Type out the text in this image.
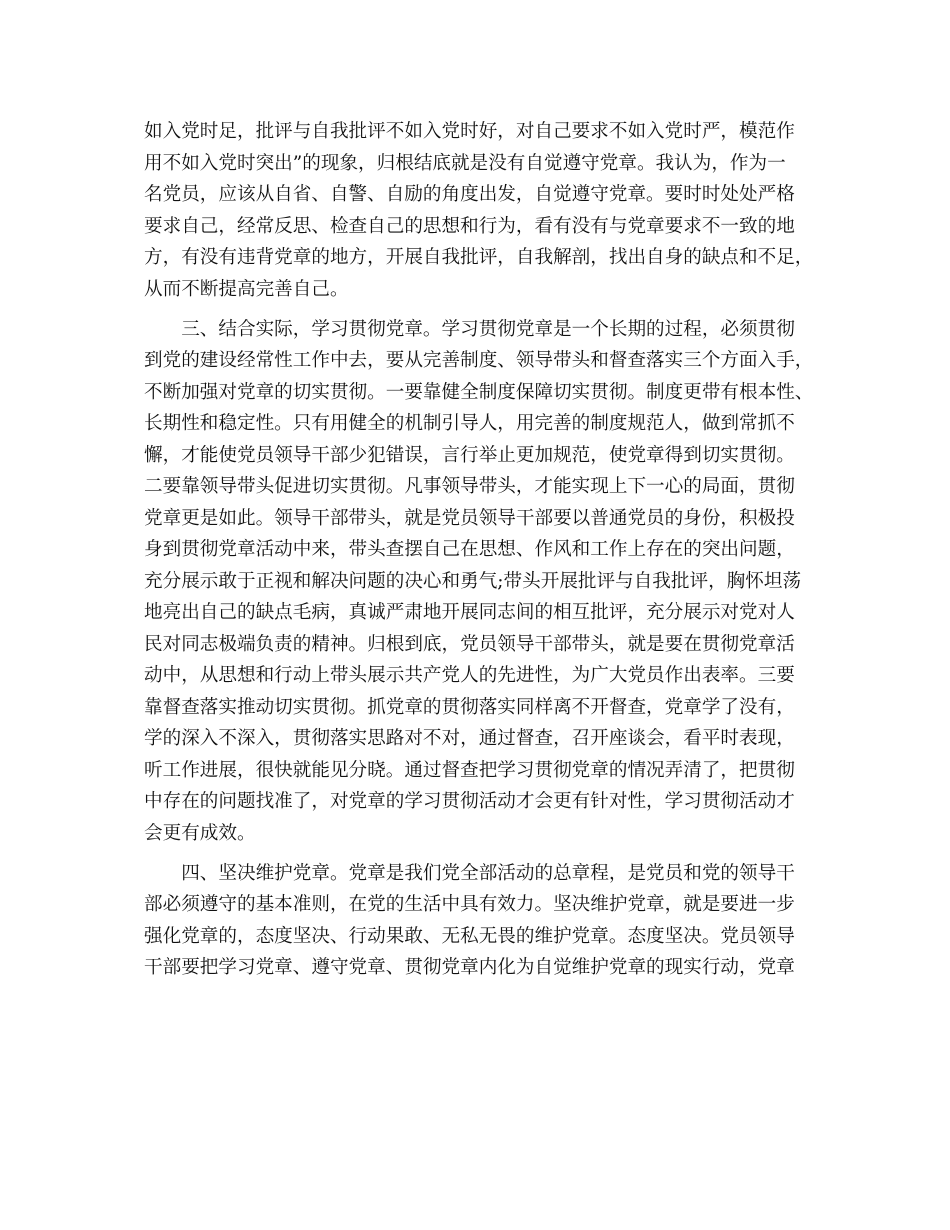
如入党时足，批评与自我批评不如入党时好，对自己要求不如入党时严，模范作
用不如入党时突出”的现象，归根结底就是没有自觉遵守党章。我认为，作为一
名党员，应该从自省、自警、自励的角度出发，自觉遵守党章。要时时处处严格
要求自己，经常反思、检查自己的思想和行为，看有没有与党章要求不一致的地
方，有没有违背党章的地方，开展自我批评，自我解剖，找出自身的缺点和不足，
从而不断提高完善自己。
　　三、结合实际，学习贯彻党章。学习贯彻党章是一个长期的过程，必须贯彻
到党的建设经常性工作中去，要从完善制度、领导带头和督查落实三个方面入手，
不断加强对党章的切实贯彻。一要靠健全制度保障切实贯彻。制度更带有根本性、
长期性和稳定性。只有用健全的机制引导人，用完善的制度规范人，做到常抓不
懈，才能使党员领导干部少犯错误，言行举止更加规范，使党章得到切实贯彻。
二要靠领导带头促进切实贯彻。凡事领导带头，才能实现上下一心的局面，贯彻
党章更是如此。领导干部带头，就是党员领导干部要以普通党员的身份，积极投
身到贯彻党章活动中来，带头查摆自己在思想、作风和工作上存在的突出问题，
充分展示敢于正视和解决问题的决心和勇气;带头开展批评与自我批评，胸怀坦荡
地亮出自己的缺点毛病，真诚严肃地开展同志间的相互批评，充分展示对党对人
民对同志极端负责的精神。归根到底，党员领导干部带头，就是要在贯彻党章活
动中，从思想和行动上带头展示共产党人的先进性，为广大党员作出表率。三要
靠督查落实推动切实贯彻。抓党章的贯彻落实同样离不开督查，党章学了没有，
学的深入不深入，贯彻落实思路对不对，通过督查，召开座谈会，看平时表现，
听工作进展，很快就能见分晓。通过督查把学习贯彻党章的情况弄清了，把贯彻
中存在的问题找准了，对党章的学习贯彻活动才会更有针对性，学习贯彻活动才
会更有成效。
　　四、坚决维护党章。党章是我们党全部活动的总章程，是党员和党的领导干
部必须遵守的基本准则，在党的生活中具有效力。坚决维护党章，就是要进一步
强化党章的，态度坚决、行动果敢、无私无畏的维护党章。态度坚决。党员领导
干部要把学习党章、遵守党章、贯彻党章内化为自觉维护党章的现实行动，党章
